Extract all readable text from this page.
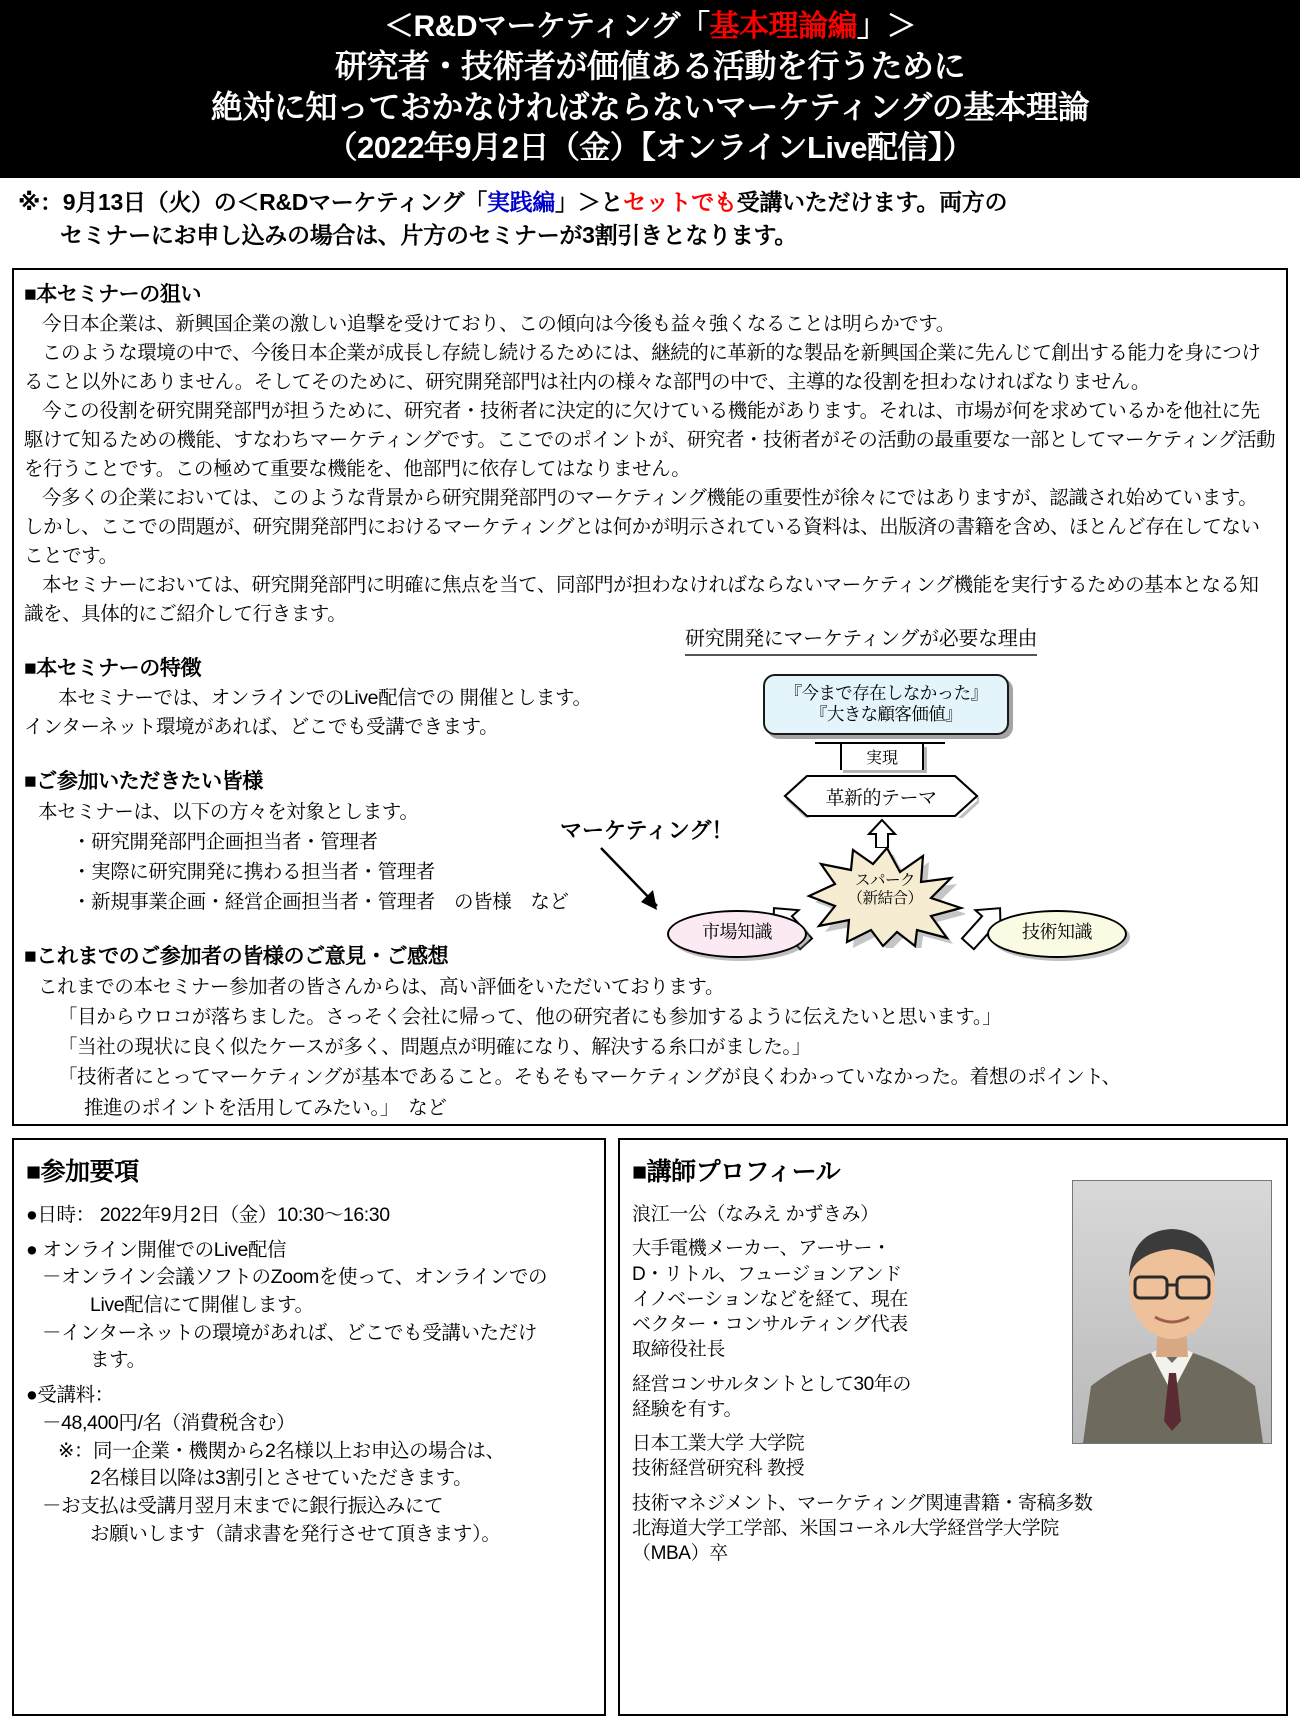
＜R&Dマーケティング「基本理論編」＞
研究者・技術者が価値ある活動を行うために
絶対に知っておかなければならないマーケティングの基本理論
（2022年9月2日（金）【オンラインLive配信】）
※：9月13日（火）の＜R&Dマーケティング「実践編」＞とセットでも受講いただけます。両方の
セミナーにお申し込みの場合は、片方のセミナーが3割引きとなります。
■本セミナーの狙い
今日本企業は、新興国企業の激しい追撃を受けており、この傾向は今後も益々強くなることは明らかです。
このような環境の中で、今後日本企業が成長し存続し続けるためには、継続的に革新的な製品を新興国企業に先んじて創出する能力を身につけること以外にありません。そしてそのために、研究開発部門は社内の様々な部門の中で、主導的な役割を担わなければなりません。
今この役割を研究開発部門が担うために、研究者・技術者に決定的に欠けている機能があります。それは、市場が何を求めているかを他社に先駆けて知るための機能、すなわちマーケティングです。ここでのポイントが、研究者・技術者がその活動の最重要な一部としてマーケティング活動を行うことです。この極めて重要な機能を、他部門に依存してはなりません。
今多くの企業においては、このような背景から研究開発部門のマーケティング機能の重要性が徐々にではありますが、認識され始めています。しかし、ここでの問題が、研究開発部門におけるマーケティングとは何かが明示されている資料は、出版済の書籍を含め、ほとんど存在してないことです。
本セミナーにおいては、研究開発部門に明確に焦点を当て、同部門が担わなければならないマーケティング機能を実行するための基本となる知識を、具体的にご紹介して行きます。
■本セミナーの特徴
本セミナーでは、オンラインでのLive配信での 開催とします。
インターネット環境があれば、どこでも受講できます。
■ご参加いただきたい皆様
本セミナーは、以下の方々を対象とします。
・研究開発部門企画担当者・管理者
・実際に研究開発に携わる担当者・管理者
・新規事業企画・経営企画担当者・管理者　の皆様　など
■これまでのご参加者の皆様のご意見・ご感想
これまでの本セミナー参加者の皆さんからは、高い評価をいただいております。
「目からウロコが落ちました。さっそく会社に帰って、他の研究者にも参加するように伝えたいと思います。」
「当社の現状に良く似たケースが多く、問題点が明確になり、解決する糸口がました。」
「技術者にとってマーケティングが基本であること。そもそもマーケティングが良くわかっていなかった。着想のポイント、
推進のポイントを活用してみたい。」　など
研究開発にマーケティングが必要な理由
『今まで存在しなかった』
『大きな顧客価値』
実現
革新的テーマ
スパーク
（新結合）
市場知識	技術知識
マーケティング！
■参加要項
●日時： 2022年9月2日（金）10:30～16:30
● オンライン開催でのLive配信
－オンライン会議ソフトのZoomを使って、オンラインでの
Live配信にて開催します。
－インターネットの環境があれば、どこでも受講いただけ
ます。
●受講料：
－48,400円/名（消費税含む）
※：同一企業・機関から2名様以上お申込の場合は、
2名様目以降は3割引とさせていただきます。
－お支払は受講月翌月末までに銀行振込みにて
お願いします（請求書を発行させて頂きます）。
■講師プロフィール
浪江一公（なみえ かずきみ）
大手電機メーカー、アーサー・
D・リトル、フュージョンアンド
イノベーションなどを経て、現在
ベクター・コンサルティング代表
取締役社長
経営コンサルタントとして30年の
経験を有す。
日本工業大学 大学院
技術経営研究科 教授
技術マネジメント、マーケティング関連書籍・寄稿多数
北海道大学工学部、米国コーネル大学経営学大学院
（MBA）卒
